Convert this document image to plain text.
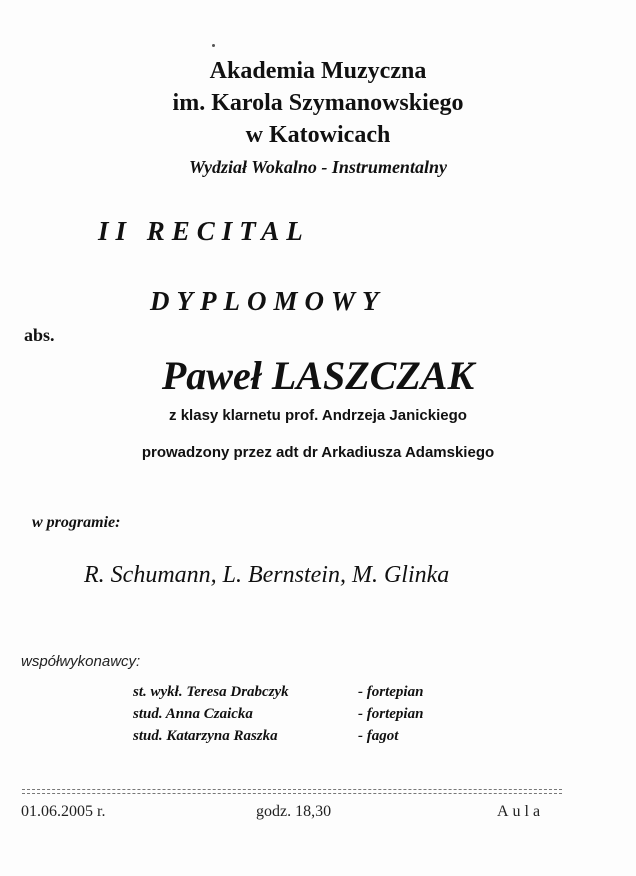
Akademia Muzyczna

im. Karola Szymanowskiego

w Katowicach

Wydział Wokalno - Instrumentalny

II RECITAL

DYPLOMOWY

abs.

Paweł LASZCZAK

z klasy klarnetu prof. Andrzeja Janickiego

prowadzony przez adt dr Arkadiusza Adamskiego

w programie:

R. Schumann, L. Bernstein, M. Glinka

współwykonawcy:

st. wykł. Teresa Drabczyk	- fortepian

stud. Anna Czaicka	- fortepian

stud. Katarzyna Raszka	- fagot

01.06.2005 r.	godz. 18,30	Aula
